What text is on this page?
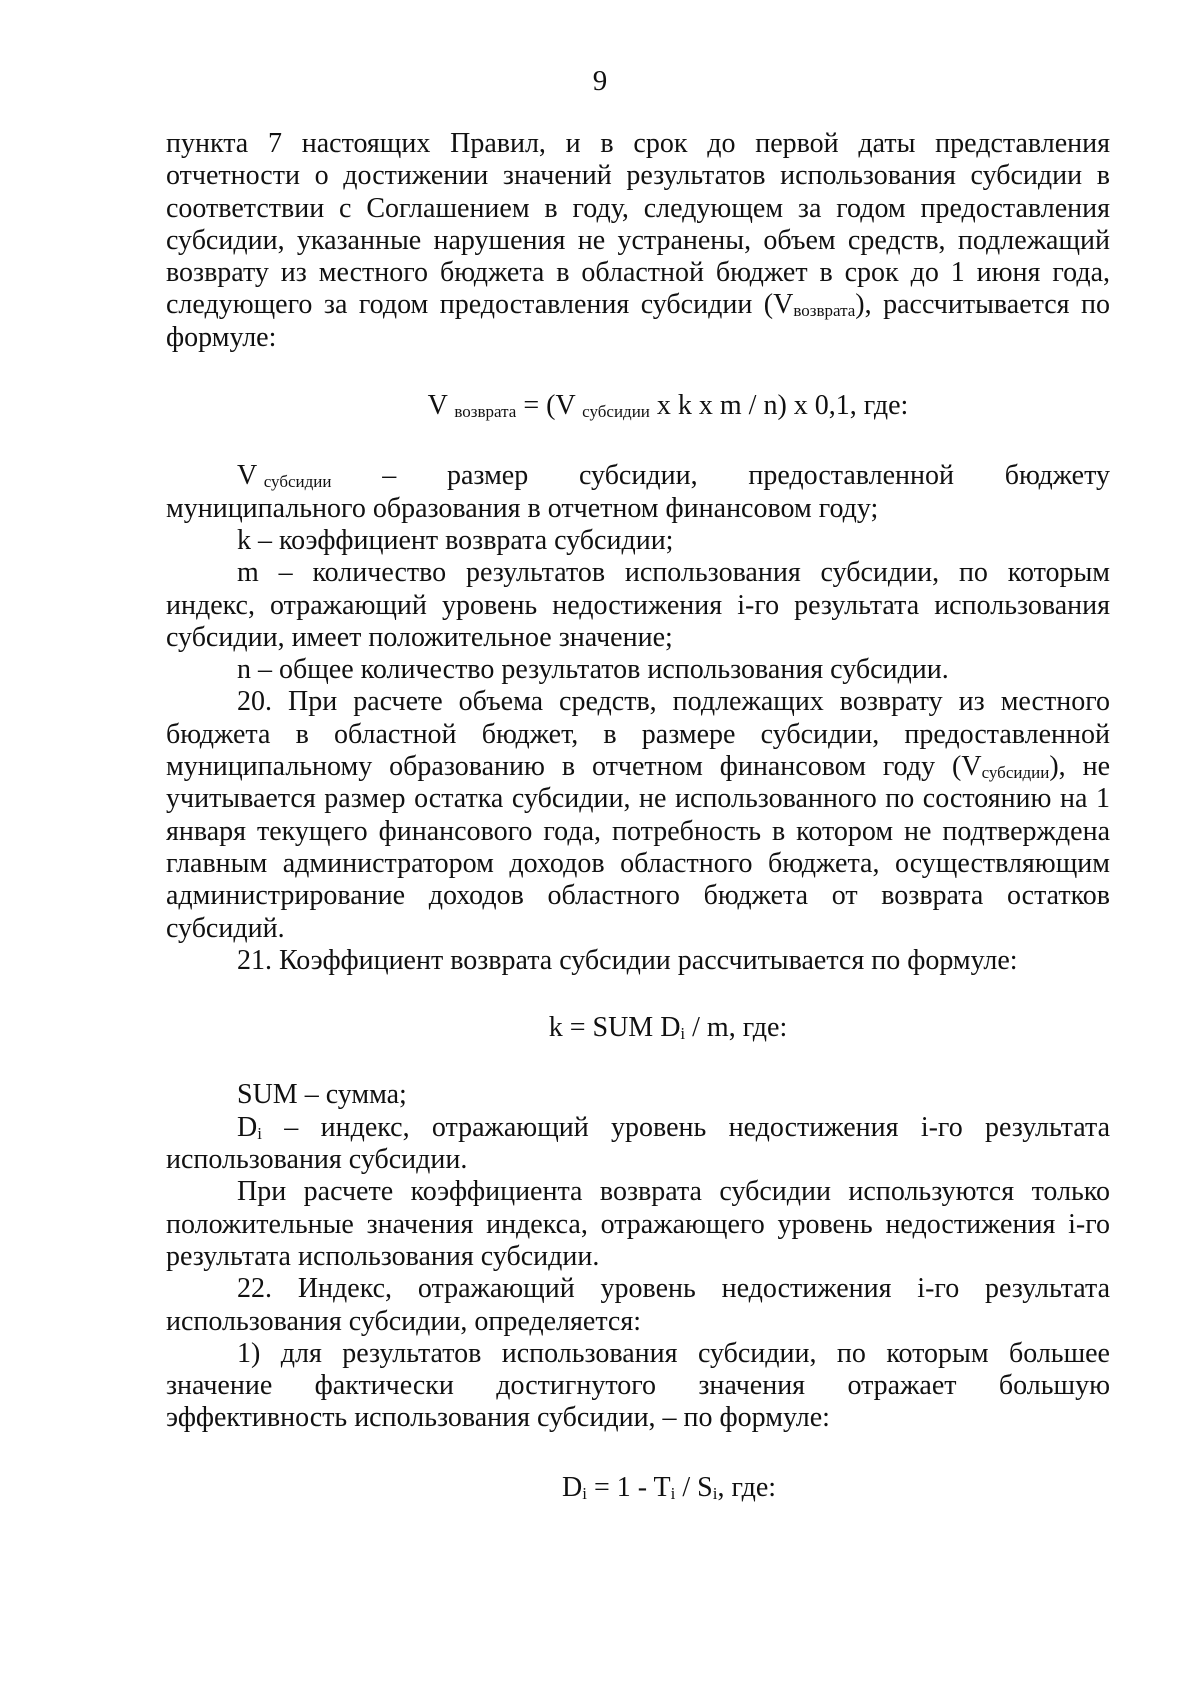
9

пункта 7 настоящих Правил, и в срок до первой даты представления отчетности о достижении значений результатов использования субсидии в соответствии с Соглашением в году, следующем за годом предоставления субсидии, указанные нарушения не устранены, объем средств, подлежащий возврату из местного бюджета в областной бюджет в срок до 1 июня года, следующего за годом предоставления субсидии $(V_{возврата})$, рассчитывается по формуле:

V $_{возврата}$ = (V $_{субсидии}$ x k x m / n) x 0,1, где:

V $_{субсидии}$ – размер субсидии, предоставленной бюджету

муниципального образования в отчетном финансовом году;

k – коэффициент возврата субсидии;

m – количество результатов использования субсидии, по которым индекс, отражающий уровень недостижения i-го результата использования субсидии, имеет положительное значение;

n – общее количество результатов использования субсидии.

20. При расчете объема средств, подлежащих возврату из местного бюджета в областной бюджет, в размере субсидии, предоставленной муниципальному образованию в отчетном финансовом году $(V_{субсидии})$, не учитывается размер остатка субсидии, не использованного по состоянию на 1 января текущего финансового года, потребность в котором не подтверждена главным администратором доходов областного бюджета, осуществляющим администрирование доходов областного бюджета от возврата остатков субсидий.

21. Коэффициент возврата субсидии рассчитывается по формуле:

k = SUM $D_i$ / m, где:

SUM – сумма;

$D_i$ – индекс, отражающий уровень недостижения i-го результата использования субсидии.

При расчете коэффициента возврата субсидии используются только положительные значения индекса, отражающего уровень недостижения i-го результата использования субсидии.

22. Индекс, отражающий уровень недостижения i-го результата использования субсидии, определяется:

1) для результатов использования субсидии, по которым большее значение фактически достигнутого значения отражает большую эффективность использования субсидии, – по формуле:

$D_i = 1 - T_i / S_i$, где:
